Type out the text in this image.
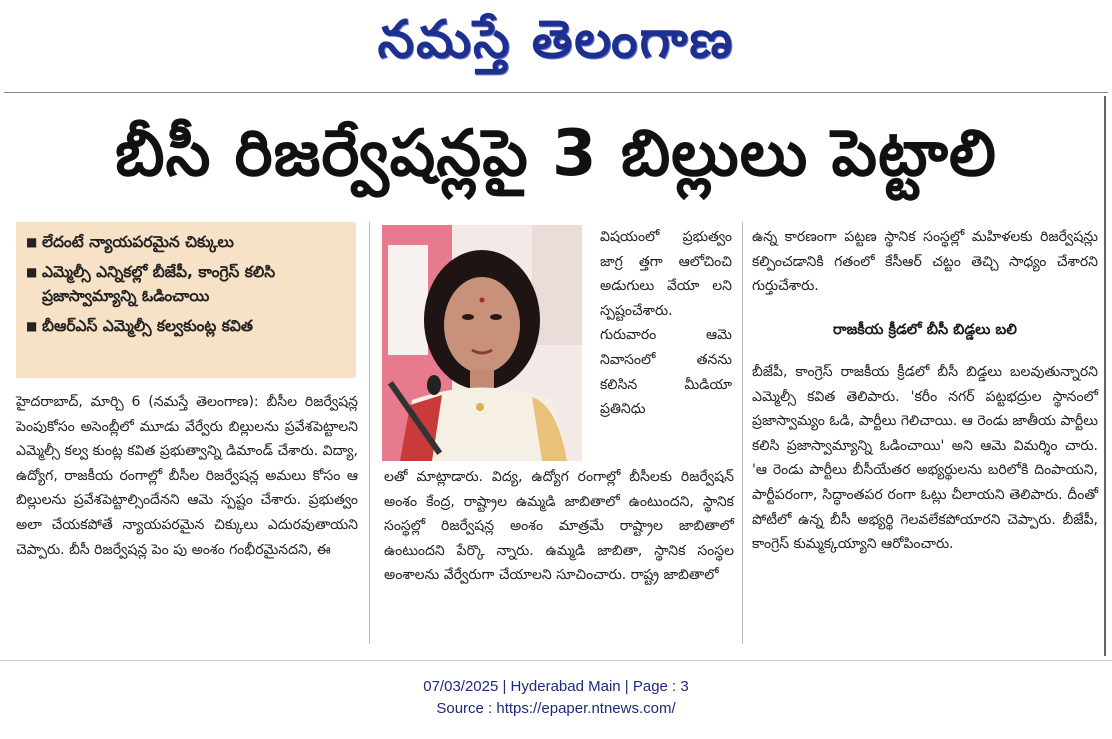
నమస్తే తెలంగాణ
బీసీ రిజర్వేషన్లపై 3 బిల్లులు పెట్టాలి
■ లేదంటే న్యాయపరమైన చిక్కులు
■ ఎమ్మెల్సీ ఎన్నికల్లో బీజేపీ, కాంగ్రెస్ కలిసి ప్రజాస్వామ్యాన్ని ఓడించాయి
■ బీఆర్ఎస్ ఎమ్మెల్సీ కల్వకుంట్ల కవిత

హైదరాబాద్, మార్చి 6 (నమస్తే తెలంగాణ): బీసీల రిజర్వేషన్ల పెంపుకోసం అసెంబ్లీలో మూడు వేర్వేరు బిల్లులను ప్రవేశపెట్టాలని ఎమ్మెల్సీ కల్వ కుంట్ల కవిత ప్రభుత్వాన్ని డిమాండ్ చేశారు. విద్యా, ఉద్యోగ, రాజకీయ రంగాల్లో బీసీల రిజర్వేషన్ల అమలు కోసం ఆ బిల్లులను ప్రవేశపెట్టాల్సిందేనని ఆమె స్పష్టం చేశారు. ప్రభుత్వం అలా చేయకపోతే న్యాయపరమైన చిక్కులు ఎదురవుతాయని చెప్పారు. బీసీ రిజర్వేషన్ల పెం పు అంశం గంభీరమైనదని, ఈ

విషయంలో ప్రభుత్వం జాగ్ర త్తగా ఆలోచించి అడుగులు వేయా లని స్పష్టంచేశారు. గురువారం ఆమె నివాసంలో తనను కలిసిన మీడియా ప్రతినిధు

లతో మాట్లాడారు. విద్య, ఉద్యోగ రంగాల్లో బీసీలకు రిజర్వేషన్ అంశం కేంద్ర, రాష్ట్రాల ఉమ్మడి జాబితాలో ఉంటుందని, స్థానిక సంస్థల్లో రిజర్వేషన్ల అంశం మాత్రమే రాష్ట్రాల జాబితాలో ఉంటుందని పేర్కొ న్నారు. ఉమ్మడి జాబితా, స్థానిక సంస్థల అంశాలను వేర్వేరుగా చేయాలని సూచించారు. రాష్ట్ర జాబితాలో

ఉన్న కారణంగా పట్టణ స్థానిక సంస్థల్లో మహిళలకు రిజర్వేషన్లు కల్పించడానికి గతంలో కేసీఆర్ చట్టం తెచ్చి సాధ్యం చేశారని గుర్తుచేశారు.

రాజకీయ క్రీడలో బీసీ బిడ్డలు బలి

బీజేపీ, కాంగ్రెస్ రాజకీయ క్రీడలో బీసీ బిడ్డలు బలవుతున్నారని ఎమ్మెల్సీ కవిత తెలిపారు. 'కరీం నగర్ పట్టభద్రుల స్థానంలో ప్రజాస్వామ్యం ఓడి, పార్టీలు గెలిచాయి. ఆ రెండు జాతీయ పార్టీలు కలిసి ప్రజాస్వామ్యాన్ని ఓడించాయి' అని ఆమె విమర్శిం చారు. 'ఆ రెండు పార్టీలు బీసీయేతర అభ్యర్థులను బరిలోకి దింపాయని, పార్టీపరంగా, సిద్ధాంతపర రంగా ఓట్లు చీలాయని తెలిపారు. దీంతో పోటీలో ఉన్న బీసీ అభ్యర్థి గెలవలేకపోయారని చెప్పారు. బీజేపీ, కాంగ్రెస్ కుమ్మక్కయ్యాని ఆరోపించారు.

07/03/2025 | Hyderabad Main | Page : 3
Source : https://epaper.ntnews.com/
